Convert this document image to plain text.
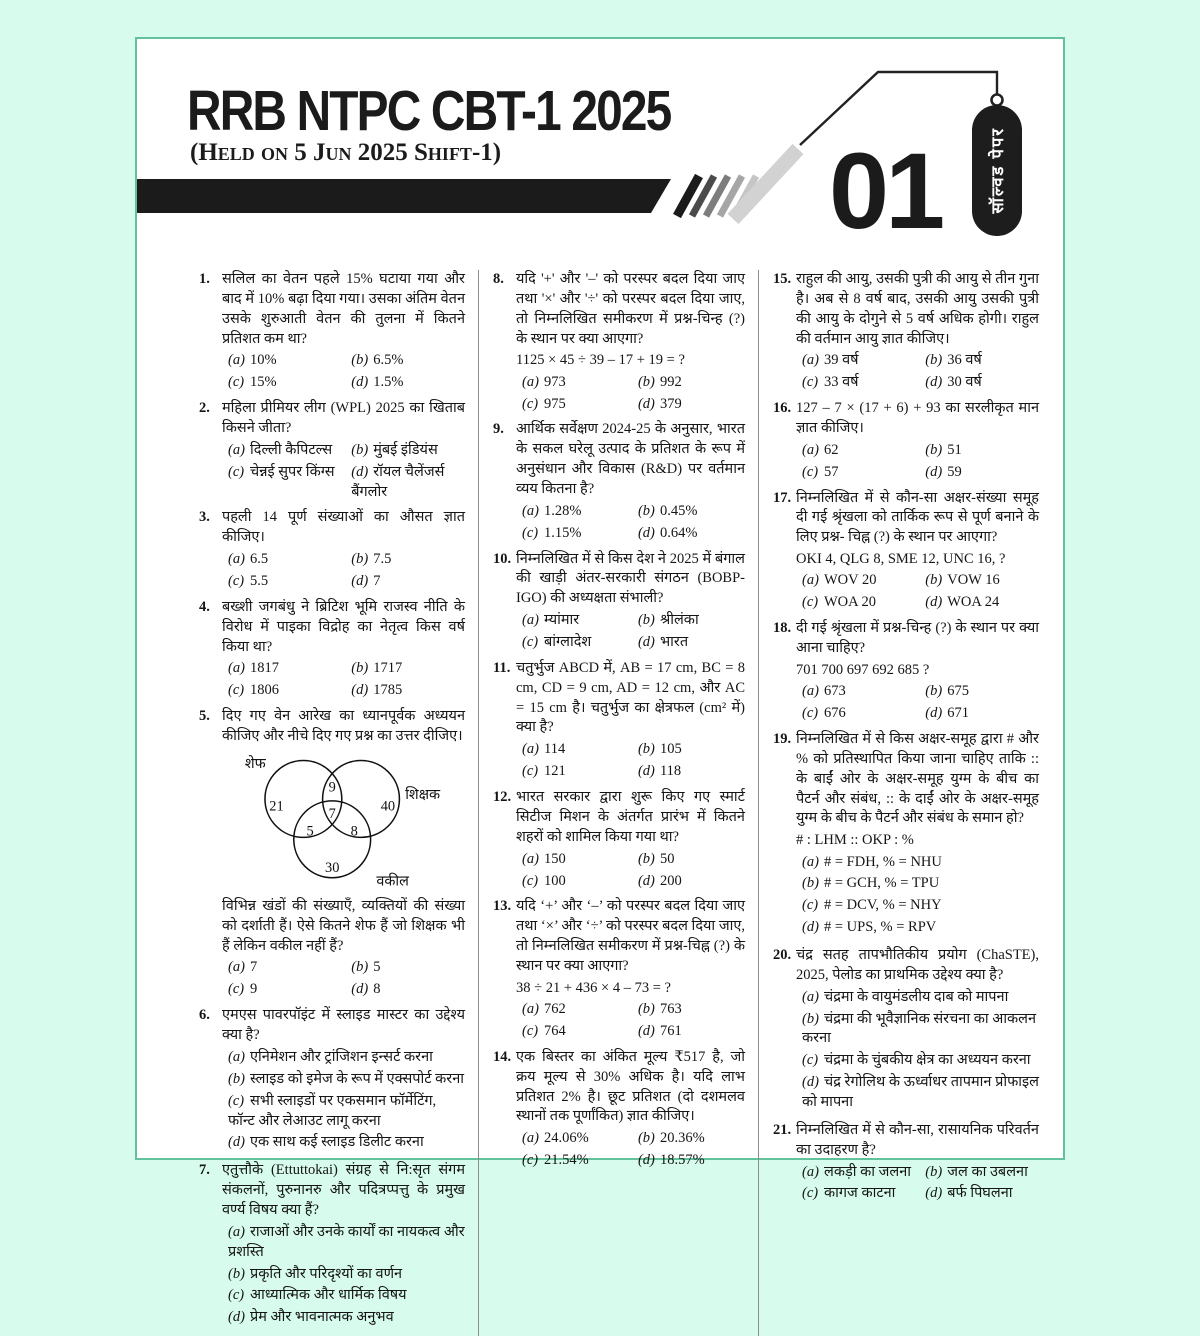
RRB NTPC CBT-1 2025
(Held on 5 Jun 2025 Shift-1)	01	सॉल्वड पेपर
1. सलिल का वेतन पहले 15% घटाया गया और बाद में 10% बढ़ा दिया गया। उसका अंतिम वेतन उसके शुरुआती वेतन की तुलना में कितने प्रतिशत कम था?
(a) 10%	(b) 6.5%
(c) 15%	(d) 1.5%
2. महिला प्रीमियर लीग (WPL) 2025 का खिताब किसने जीता?
(a) दिल्ली कैपिटल्स	(b) मुंबई इंडियंस
(c) चेन्नई सुपर किंग्स	(d) रॉयल चैलेंजर्स बैंगलोर
3. पहली 14 पूर्ण संख्याओं का औसत ज्ञात कीजिए।
(a) 6.5	(b) 7.5
(c) 5.5	(d) 7
4. बख्शी जगबंधु ने ब्रिटिश भूमि राजस्व नीति के विरोध में पाइका विद्रोह का नेतृत्व किस वर्ष किया था?
(a) 1817	(b) 1717
(c) 1806	(d) 1785
5. दिए गए वेन आरेख का ध्यानपूर्वक अध्ययन कीजिए और नीचे दिए गए प्रश्न का उत्तर दीजिए।
21
9
40
7
5 8
30
शेफ
शिक्षक
वकील
विभिन्न खंडों की संख्याएँ, व्यक्तियों की संख्या को दर्शाती हैं। ऐसे कितने शेफ हैं जो शिक्षक भी हैं लेकिन वकील नहीं हैं?
(a) 7	(b) 5
(c) 9	(d) 8
6. एमएस पावरपॉइंट में स्लाइड मास्टर का उद्देश्य क्या है?
(a) एनिमेशन और ट्रांजिशन इन्सर्ट करना
(b) स्लाइड को इमेज के रूप में एक्सपोर्ट करना
(c) सभी स्लाइडों पर एकसमान फॉर्मेटिंग, फॉन्ट और लेआउट लागू करना
(d) एक साथ कई स्लाइड डिलीट करना
7. एतुत्तौके (Ettuttokai) संग्रह से नि:सृत संगम संकलनों, पुरुनानरु और पदित्रप्पत्तु के प्रमुख वर्ण्य विषय क्या हैं?
(a) राजाओं और उनके कार्यों का नायकत्व और प्रशस्ति
(b) प्रकृति और परिदृश्यों का वर्णन
(c) आध्यात्मिक और धार्मिक विषय
(d) प्रेम और भावनात्मक अनुभव
8. यदि '+' और '–' को परस्पर बदल दिया जाए तथा '×' और '÷' को परस्पर बदल दिया जाए, तो निम्नलिखित समीकरण में प्रश्न-चिन्ह (?) के स्थान पर क्या आएगा?
1125 × 45 ÷ 39 – 17 + 19 = ?
(a) 973	(b) 992
(c) 975	(d) 379
9. आर्थिक सर्वेक्षण 2024-25 के अनुसार, भारत के सकल घरेलू उत्पाद के प्रतिशत के रूप में अनुसंधान और विकास (R&D) पर वर्तमान व्यय कितना है?
(a) 1.28%	(b) 0.45%
(c) 1.15%	(d) 0.64%
10. निम्नलिखित में से किस देश ने 2025 में बंगाल की खाड़ी अंतर-सरकारी संगठन (BOBP-IGO) की अध्यक्षता संभाली?
(a) म्यांमार	(b) श्रीलंका
(c) बांग्लादेश	(d) भारत
11. चतुर्भुज ABCD में, AB = 17 cm, BC = 8 cm, CD = 9 cm, AD = 12 cm, और AC = 15 cm है। चतुर्भुज का क्षेत्रफल (cm² में) क्या है?
(a) 114	(b) 105
(c) 121	(d) 118
12. भारत सरकार द्वारा शुरू किए गए स्मार्ट सिटीज मिशन के अंतर्गत प्रारंभ में कितने शहरों को शामिल किया गया था?
(a) 150	(b) 50
(c) 100	(d) 200
13. यदि ‘+’ और ‘–’ को परस्पर बदल दिया जाए तथा ‘×’ और ‘÷’ को परस्पर बदल दिया जाए, तो निम्नलिखित समीकरण में प्रश्न-चिह्न (?) के स्थान पर क्या आएगा?
38 ÷ 21 + 436 × 4 – 73 = ?
(a) 762	(b) 763
(c) 764	(d) 761
14. एक बिस्तर का अंकित मूल्य ₹517 है, जो क्रय मूल्य से 30% अधिक है। यदि लाभ प्रतिशत 2% है। छूट प्रतिशत (दो दशमलव स्थानों तक पूर्णांकित) ज्ञात कीजिए।
(a) 24.06%	(b) 20.36%
(c) 21.54%	(d) 18.57%
15. राहुल की आयु, उसकी पुत्री की आयु से तीन गुना है। अब से 8 वर्ष बाद, उसकी आयु उसकी पुत्री की आयु के दोगुने से 5 वर्ष अधिक होगी। राहुल की वर्तमान आयु ज्ञात कीजिए।
(a) 39 वर्ष	(b) 36 वर्ष
(c) 33 वर्ष	(d) 30 वर्ष
16. 127 – 7 × (17 + 6) + 93 का सरलीकृत मान ज्ञात कीजिए।
(a) 62	(b) 51
(c) 57	(d) 59
17. निम्नलिखित में से कौन-सा अक्षर-संख्या समूह दी गई श्रृंखला को तार्किक रूप से पूर्ण बनाने के लिए प्रश्न- चिह्न (?) के स्थान पर आएगा?
OKI 4, QLG 8, SME 12, UNC 16, ?
(a) WOV 20	(b) VOW 16
(c) WOA 20	(d) WOA 24
18. दी गई श्रृंखला में प्रश्न-चिन्ह (?) के स्थान पर क्या आना चाहिए?
701 700 697 692 685 ?
(a) 673	(b) 675
(c) 676	(d) 671
19. निम्नलिखित में से किस अक्षर-समूह द्वारा # और % को प्रतिस्थापित किया जाना चाहिए ताकि :: के बाईं ओर के अक्षर-समूह युग्म के बीच का पैटर्न और संबंध, :: के दाईं ओर के अक्षर-समूह युग्म के बीच के पैटर्न और संबंध के समान हो?
# : LHM :: OKP : %
(a) # = FDH, % = NHU
(b) # = GCH, % = TPU
(c) # = DCV, % = NHY
(d) # = UPS, % = RPV
20. चंद्र सतह तापभौतिकीय प्रयोग (ChaSTE), 2025, पेलोड का प्राथमिक उद्देश्य क्या है?
(a) चंद्रमा के वायुमंडलीय दाब को मापना
(b) चंद्रमा की भूवैज्ञानिक संरचना का आकलन करना
(c) चंद्रमा के चुंबकीय क्षेत्र का अध्ययन करना
(d) चंद्र रेगोलिथ के ऊर्ध्वाधर तापमान प्रोफाइल को मापना
21. निम्नलिखित में से कौन-सा, रासायनिक परिवर्तन का उदाहरण है?
(a) लकड़ी का जलना (b) जल का उबलना
(c) कागज काटना	(d) बर्फ पिघलना
